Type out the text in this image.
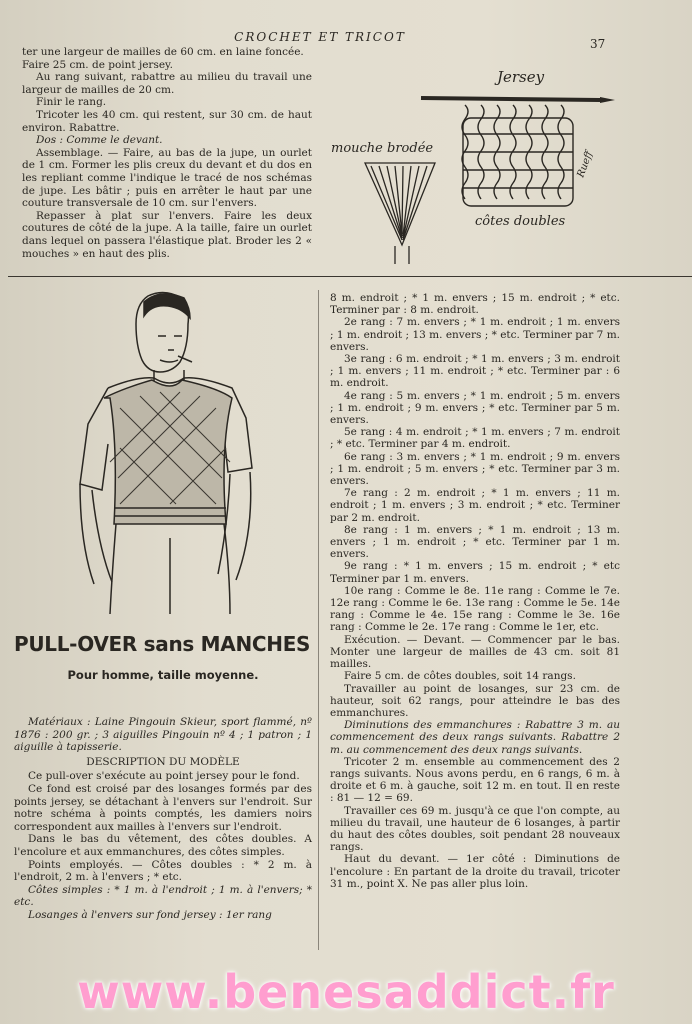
CROCHET ET TRICOT	37

ter une largeur de mailles de 60 cm. en laine foncée.

Faire 25 cm. de point jersey.

Au rang suivant, rabattre au milieu du travail une largeur de mailles de 20 cm.

Finir le rang.

Tricoter les 40 cm. qui restent, sur 30 cm. de haut environ. Rabattre.

Dos : Comme le devant.

Assemblage. — Faire, au bas de la jupe, un ourlet de 1 cm. Former les plis creux du devant et du dos en les repliant comme l'indique le tracé de nos schémas de jupe. Les bâtir ; puis en arrêter le haut par une couture transversale de 10 cm. sur l'envers.

Repasser à plat sur l'envers. Faire les deux coutures de côté de la jupe. A la taille, faire un ourlet dans lequel on passera l'élastique plat. Broder les 2 « mouches » en haut des plis.

Jersey
côtes doubles
Rueff
mouche brodée
PULL-OVER sans MANCHES
Pour homme, taille moyenne.

Matériaux : Laine Pingouin Skieur, sport flammé, nº 1876 : 200 gr. ; 3 aiguilles Pingouin nº 4 ; 1 patron ; 1 aiguille à tapisserie.

DESCRIPTION DU MODÈLE

Ce pull-over s'exécute au point jersey pour le fond.

Ce fond est croisé par des losanges formés par des points jersey, se détachant à l'envers sur l'endroit. Sur notre schéma à points comptés, les damiers noirs correspondent aux mailles à l'envers sur l'endroit.

Dans le bas du vêtement, des côtes doubles. A l'encolure et aux emmanchures, des côtes simples.

Points employés. — Côtes doubles : * 2 m. à l'endroit, 2 m. à l'envers ; * etc.

Côtes simples : * 1 m. à l'endroit ; 1 m. à l'envers; * etc.

Losanges à l'envers sur fond jersey : 1er rang

8 m. endroit ; * 1 m. envers ; 15 m. endroit ; * etc. Terminer par : 8 m. endroit.

2e rang : 7 m. envers ; * 1 m. endroit ; 1 m. envers ; 1 m. endroit ; 13 m. envers ; * etc. Terminer par 7 m. envers.

3e rang : 6 m. endroit ; * 1 m. envers ; 3 m. endroit ; 1 m. envers ; 11 m. endroit ; * etc. Terminer par : 6 m. endroit.

4e rang : 5 m. envers ; * 1 m. endroit ; 5 m. envers ; 1 m. endroit ; 9 m. envers ; * etc. Terminer par 5 m. envers.

5e rang : 4 m. endroit ; * 1 m. envers ; 7 m. endroit ; * etc. Terminer par 4 m. endroit.

6e rang : 3 m. envers ; * 1 m. endroit ; 9 m. envers ; 1 m. endroit ; 5 m. envers ; * etc. Terminer par 3 m. envers.

7e rang : 2 m. endroit ; * 1 m. envers ; 11 m. endroit ; 1 m. envers ; 3 m. endroit ; * etc. Terminer par 2 m. endroit.

8e rang : 1 m. envers ; * 1 m. endroit ; 13 m. envers ; 1 m. endroit ; * etc. Terminer par 1 m. envers.

9e rang : * 1 m. envers ; 15 m. endroit ; * etc Terminer par 1 m. envers.

10e rang : Comme le 8e. 11e rang : Comme le 7e. 12e rang : Comme le 6e. 13e rang : Comme le 5e. 14e rang : Comme le 4e. 15e rang : Comme le 3e. 16e rang : Comme le 2e. 17e rang : Comme le 1er, etc.

Exécution. — Devant. — Commencer par le bas. Monter une largeur de mailles de 43 cm. soit 81 mailles.

Faire 5 cm. de côtes doubles, soit 14 rangs.

Travailler au point de losanges, sur 23 cm. de hauteur, soit 62 rangs, pour atteindre le bas des emmanchures.

Diminutions des emmanchures : Rabattre 3 m. au commencement des deux rangs suivants. Rabattre 2 m. au commencement des deux rangs suivants.

Tricoter 2 m. ensemble au commencement des 2 rangs suivants. Nous avons perdu, en 6 rangs, 6 m. à droite et 6 m. à gauche, soit 12 m. en tout. Il en reste : 81 — 12 = 69.

Travailler ces 69 m. jusqu'à ce que l'on compte, au milieu du travail, une hauteur de 6 losanges, à partir du haut des côtes doubles, soit pendant 28 nouveaux rangs.

Haut du devant. — 1er côté : Diminutions de l'encolure : En partant de la droite du travail, tricoter 31 m., point X. Ne pas aller plus loin.

www.benesaddict.fr
